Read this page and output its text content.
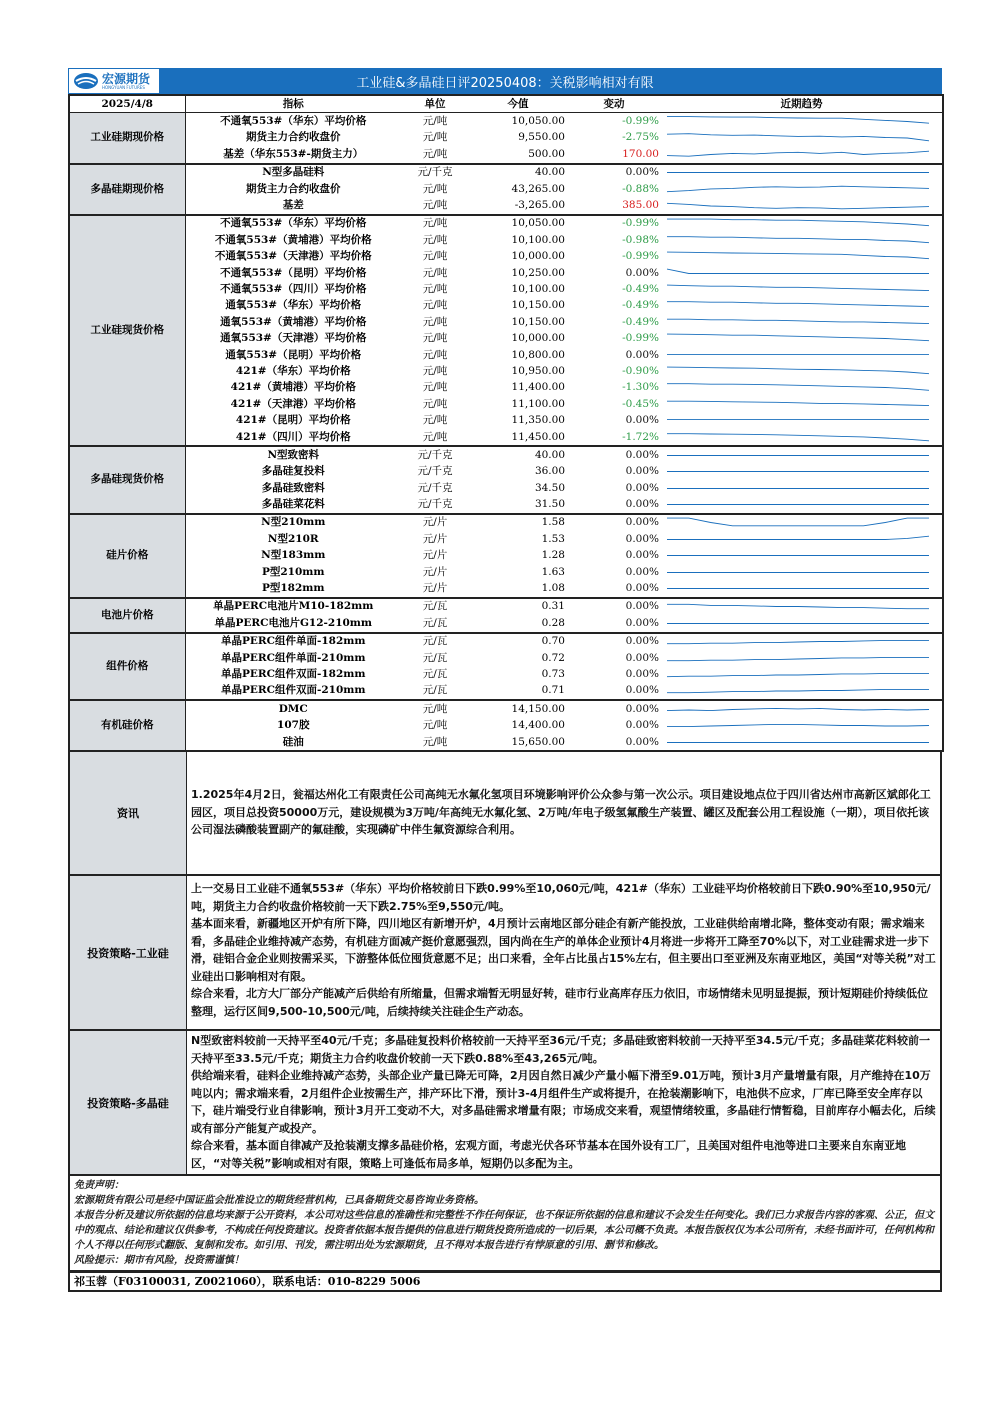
宏源期货
HONGYUAN FUTURES	工业硅&多晶硅日评20250408：关税影响相对有限
2025/4/8	指标	单位	今值	变动	近期趋势
工业硅期现价格	不通氧553#（华东）平均价格	元/吨	10,050.00	-0.99%	

	期货主力合约收盘价	元/吨	9,550.00	-2.75%	

	基差（华东553#-期货主力）	元/吨	500.00	170.00	

多晶硅期现价格	N型多晶硅料	元/千克	40.00	0.00%	

	期货主力合约收盘价	元/吨	43,265.00	-0.88%	

	基差	元/吨	-3,265.00	385.00	

工业硅现货价格	不通氧553#（华东）平均价格	元/吨	10,050.00	-0.99%	

	不通氧553#（黄埔港）平均价格	元/吨	10,100.00	-0.98%	

	不通氧553#（天津港）平均价格	元/吨	10,000.00	-0.99%	

	不通氧553#（昆明）平均价格	元/吨	10,250.00	0.00%	

	不通氧553#（四川）平均价格	元/吨	10,100.00	-0.49%	

	通氧553#（华东）平均价格	元/吨	10,150.00	-0.49%	

	通氧553#（黄埔港）平均价格	元/吨	10,150.00	-0.49%	

	通氧553#（天津港）平均价格	元/吨	10,000.00	-0.99%	

	通氧553#（昆明）平均价格	元/吨	10,800.00	0.00%	

	421#（华东）平均价格	元/吨	10,950.00	-0.90%	

	421#（黄埔港）平均价格	元/吨	11,400.00	-1.30%	

	421#（天津港）平均价格	元/吨	11,100.00	-0.45%	

	421#（昆明）平均价格	元/吨	11,350.00	0.00%	

	421#（四川）平均价格	元/吨	11,450.00	-1.72%	

多晶硅现货价格	N型致密料	元/千克	40.00	0.00%	

	多晶硅复投料	元/千克	36.00	0.00%	

	多晶硅致密料	元/千克	34.50	0.00%	

	多晶硅菜花料	元/千克	31.50	0.00%	

硅片价格	N型210mm	元/片	1.58	0.00%	

	N型210R	元/片	1.53	0.00%	

	N型183mm	元/片	1.28	0.00%	

	P型210mm	元/片	1.63	0.00%	

	P型182mm	元/片	1.08	0.00%	

电池片价格	单晶PERC电池片M10-182mm	元/瓦	0.31	0.00%	

	单晶PERC电池片G12-210mm	元/瓦	0.28	0.00%	

组件价格	单晶PERC组件单面-182mm	元/瓦	0.70	0.00%	

	单晶PERC组件单面-210mm	元/瓦	0.72	0.00%	

	单晶PERC组件双面-182mm	元/瓦	0.73	0.00%	

	单晶PERC组件双面-210mm	元/瓦	0.71	0.00%	

有机硅价格	DMC	元/吨	14,150.00	0.00%	

	107胶	元/吨	14,400.00	0.00%	

	硅油	元/吨	15,650.00	0.00%	
资讯

1.2025年4月2日，瓮福达州化工有限责任公司高纯无水氟化氢项目环境影响评价公众参与第一次公示。项目建设地点位于四川省达州市高新区斌郎化工园区，项目总投资50000万元，建设规模为3万吨/年高纯无水氟化氢、2万吨/年电子级氢氟酸生产装置、罐区及配套公用工程设施（一期），项目依托该公司湿法磷酸装置副产的氟硅酸，实现磷矿中伴生氟资源综合利用。

投资策略-工业硅

上一交易日工业硅不通氧553#（华东）平均价格较前日下跌0.99%至10,060元/吨，421#（华东）工业硅平均价格较前日下跌0.90%至10,950元/吨，期货主力合约收盘价格较前一天下跌2.75%至9,550元/吨。

基本面来看，新疆地区开炉有所下降，四川地区有新增开炉，4月预计云南地区部分硅企有新产能投放，工业硅供给南增北降，整体变动有限；需求端来看，多晶硅企业维持减产态势，有机硅方面减产挺价意愿强烈，国内尚在生产的单体企业预计4月将进一步将开工降至70%以下，对工业硅需求进一步下滑，硅铝合金企业则按需采买，下游整体低位囤货意愿不足；出口来看，全年占比虽占15%左右，但主要出口至亚洲及东南亚地区，美国“对等关税”对工业硅出口影响相对有限。

综合来看，北方大厂部分产能减产后供给有所缩量，但需求端暂无明显好转，硅市行业高库存压力依旧，市场情绪未见明显提振，预计短期硅价持续低位整理，运行区间9,500-10,500元/吨，后续持续关注硅企生产动态。

投资策略-多晶硅

N型致密料较前一天持平至40元/千克；多晶硅复投料价格较前一天持平至36元/千克；多晶硅致密料较前一天持平至34.5元/千克；多晶硅菜花料较前一天持平至33.5元/千克；期货主力合约收盘价较前一天下跌0.88%至43,265元/吨。

供给端来看，硅料企业维持减产态势，头部企业产量已降无可降，2月因自然日减少产量小幅下滑至9.01万吨，预计3月产量增量有限，月产维持在10万吨以内；需求端来看，2月组件企业按需生产，排产环比下滑，预计3-4月组件生产或将提升，在抢装潮影响下，电池供不应求，厂库已降至安全库存以下，硅片端受行业自律影响，预计3月开工变动不大，对多晶硅需求增量有限；市场成交来看，观望情绪较重，多晶硅行情暂稳，目前库存小幅去化，后续或有部分产能复产或投产。

综合来看，基本面自律减产及抢装潮支撑多晶硅价格，宏观方面，考虑光伏各环节基本在国外设有工厂，且美国对组件电池等进口主要来自东南亚地区，“对等关税”影响或相对有限，策略上可逢低布局多单，短期仍以多配为主。

免责声明：

宏源期货有限公司是经中国证监会批准设立的期货经营机构，已具备期货交易咨询业务资格。

本报告分析及建议所依据的信息均来源于公开资料，本公司对这些信息的准确性和完整性不作任何保证，也不保证所依据的信息和建议不会发生任何变化。我们已力求报告内容的客观、公正，但文中的观点、结论和建议仅供参考，不构成任何投资建议。投资者依据本报告提供的信息进行期货投资所造成的一切后果，本公司概不负责。本报告版权仅为本公司所有，未经书面许可，任何机构和个人不得以任何形式翻版、复制和发布。如引用、刊发，需注明出处为宏源期货，且不得对本报告进行有悖原意的引用、删节和修改。

风险提示：期市有风险，投资需谨慎！

祁玉蓉（F03100031, Z0021060），联系电话：010-8229 5006
